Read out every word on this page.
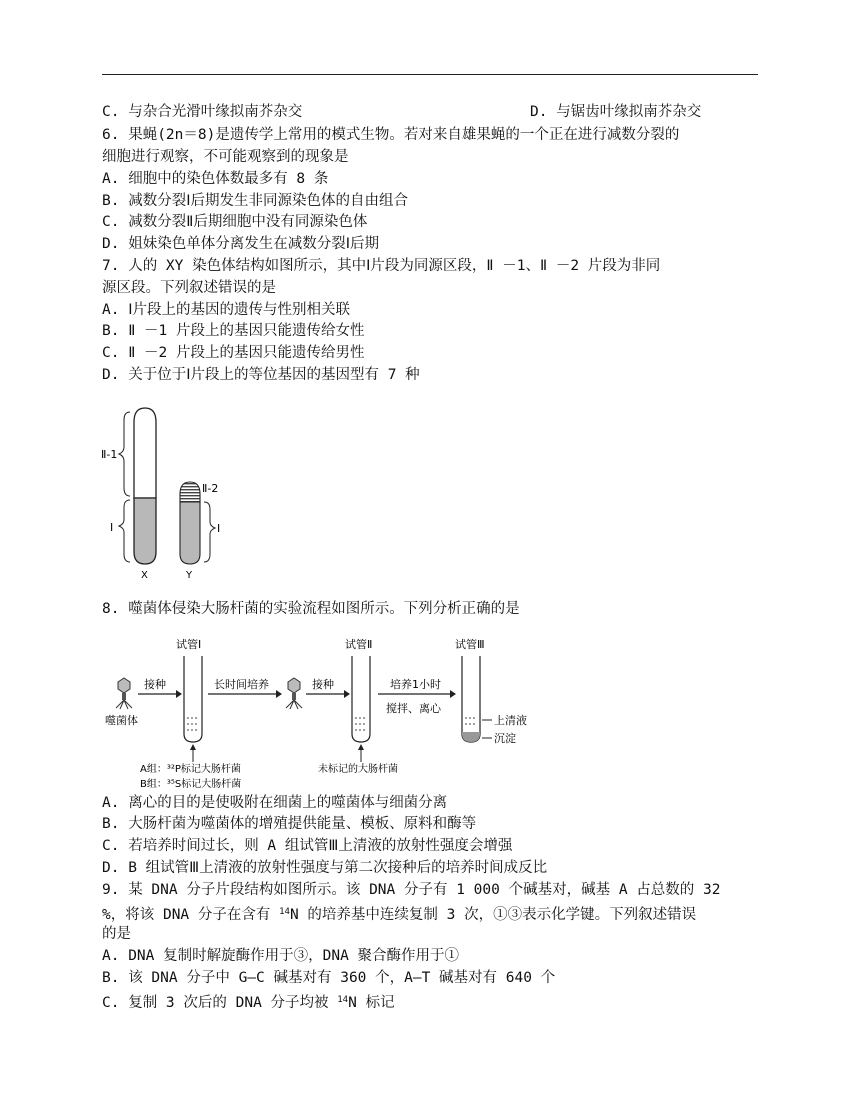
C. 与杂合光滑叶缘拟南芥杂交	D. 与锯齿叶缘拟南芥杂交
6. 果蝇(2n＝8)是遗传学上常用的模式生物。若对来自雄果蝇的一个正在进行减数分裂的
细胞进行观察，不可能观察到的现象是
A. 细胞中的染色体数最多有 8 条
B. 减数分裂Ⅰ后期发生非同源染色体的自由组合
C. 减数分裂Ⅱ后期细胞中没有同源染色体
D. 姐妹染色单体分离发生在减数分裂Ⅰ后期
7. 人的 XY 染色体结构如图所示，其中Ⅰ片段为同源区段，Ⅱ －1、Ⅱ －2 片段为非同
源区段。下列叙述错误的是
A. Ⅰ片段上的基因的遗传与性别相关联
B. Ⅱ －1 片段上的基因只能遗传给女性
C. Ⅱ －2 片段上的基因只能遗传给男性
D. 关于位于Ⅰ片段上的等位基因的基因型有 7 种
Ⅱ-1
Ⅰ
Ⅱ-2
Ⅰ
X	Y
8. 噬菌体侵染大肠杆菌的实验流程如图所示。下列分析正确的是
噬菌体
接种
试管Ⅰ
A组：³²P标记大肠杆菌
B组：³⁵S标记大肠杆菌
长时间培养	接种
试管Ⅱ
未标记的大肠杆菌
培养1小时
搅拌、离心
试管Ⅲ
上清液
沉淀
A. 离心的目的是使吸附在细菌上的噬菌体与细菌分离
B. 大肠杆菌为噬菌体的增殖提供能量、模板、原料和酶等
C. 若培养时间过长，则 A 组试管Ⅲ上清液的放射性强度会增强
D. B 组试管Ⅲ上清液的放射性强度与第二次接种后的培养时间成反比
9. 某 DNA 分子片段结构如图所示。该 DNA 分子有 1 000 个碱基对，碱基 A 占总数的 32
%，将该 DNA 分子在含有 $^{14}$N 的培养基中连续复制 3 次，①③表示化学键。下列叙述错误
的是
A. DNA 复制时解旋酶作用于③，DNA 聚合酶作用于①
B. 该 DNA 分子中 G—C 碱基对有 360 个，A—T 碱基对有 640 个
C. 复制 3 次后的 DNA 分子均被 $^{14}$N 标记
